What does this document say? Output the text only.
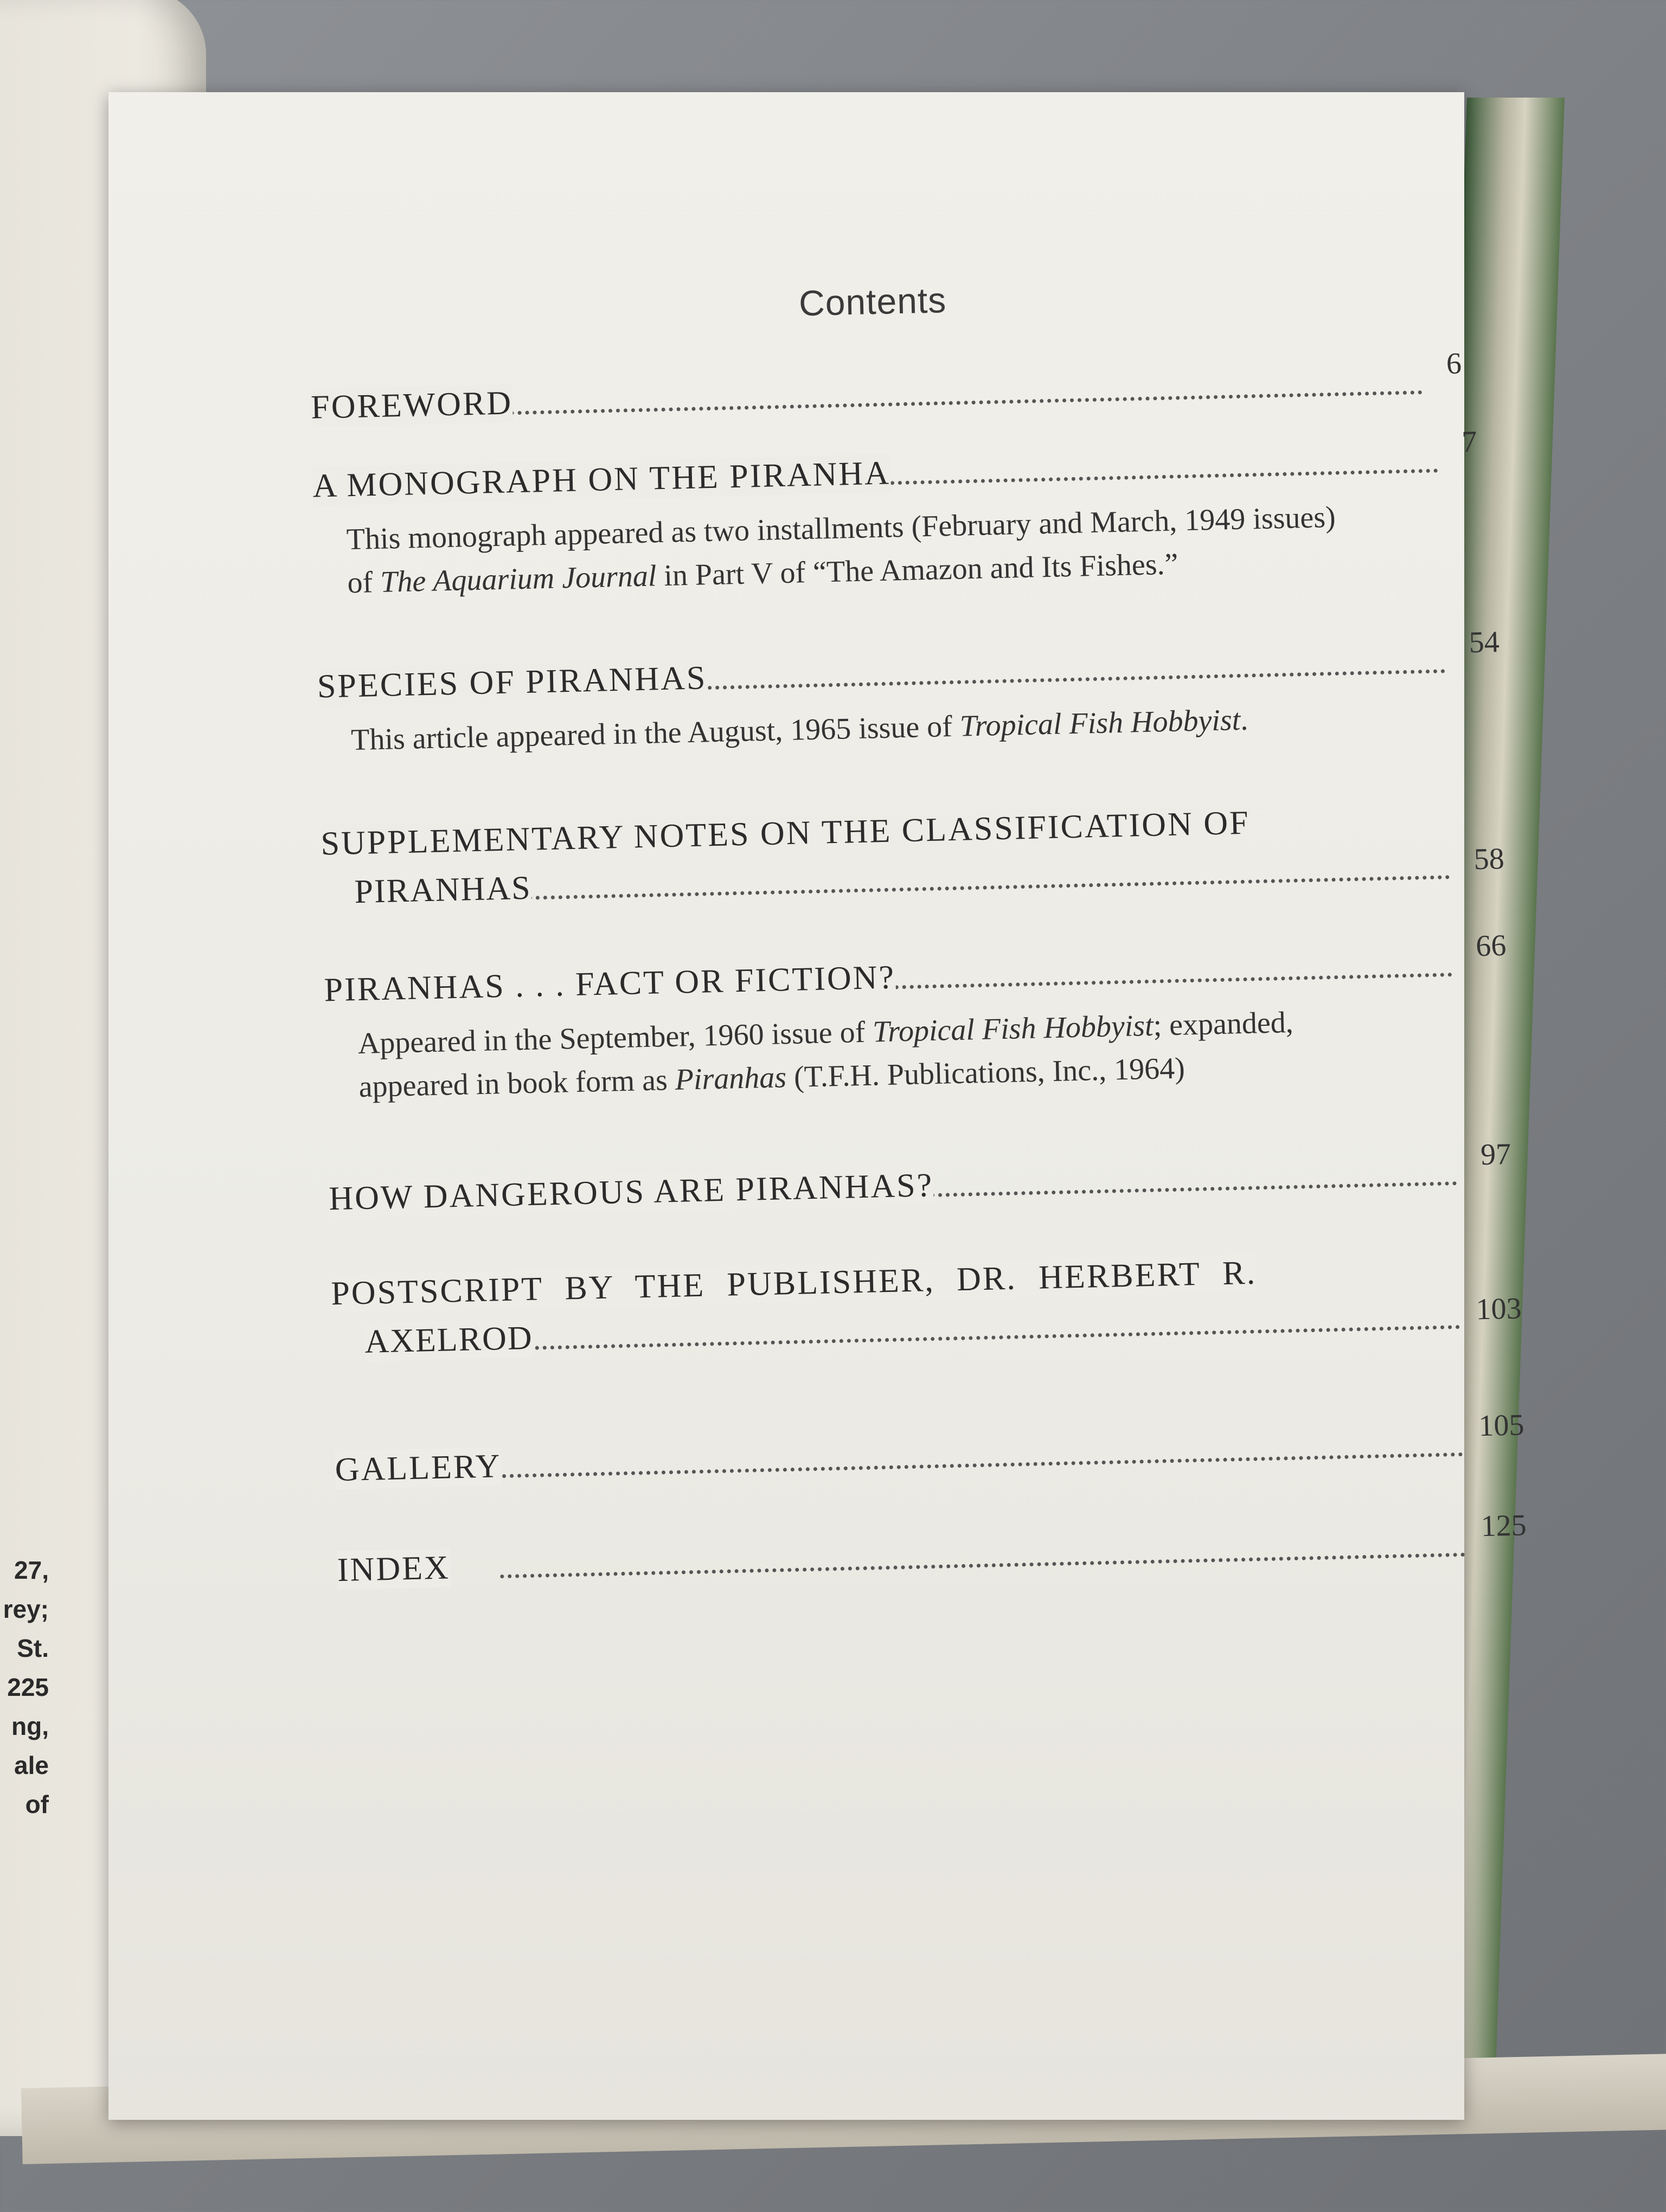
27,
rey;
St.
225
ng,
ale
of
Contents
FOREWORD
6
A MONOGRAPH ON THE PIRANHA
7
This monograph appeared as two installments (February and March, 1949 issues) of The Aquarium Journal in Part V of “The Amazon and Its Fishes.”
SPECIES OF PIRANHAS
54
This article appeared in the August, 1965 issue of Tropical Fish Hobbyist.
SUPPLEMENTARY NOTES ON THE CLASSIFICATION OF
PIRANHAS
58
PIRANHAS . . . FACT OR FICTION?
66
Appeared in the September, 1960 issue of Tropical Fish Hobbyist; expanded, appeared in book form as Piranhas (T.F.H. Publications, Inc., 1964)
HOW DANGEROUS ARE PIRANHAS?
97
POSTSCRIPT BY THE PUBLISHER, DR. HERBERT R.
AXELROD
103
GALLERY
105
INDEX
125
